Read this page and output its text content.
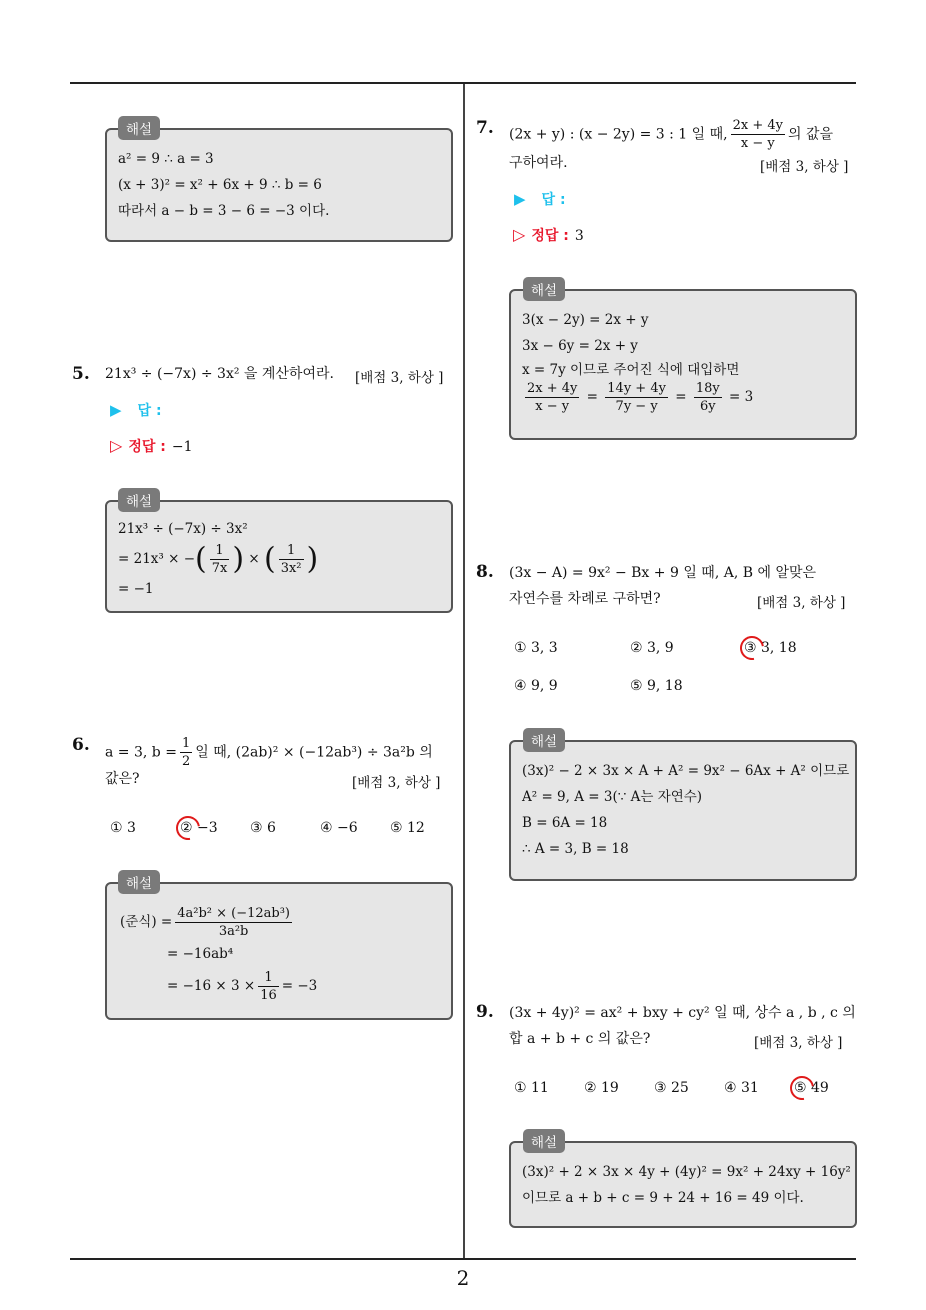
2
해설
a² = 9 ∴ a = 3
(x + 3)² = x² + 6x + 9 ∴ b = 6
따라서 a − b = 3 − 6 = −3 이다.
5. 21x³ ÷ (−7x) ÷ 3x² 을 계산하여라. [배점 3, 하상 ]
▶ 답 :
▷ 정답 : −1
해설
21x³ ÷ (−7x) ÷ 3x²
= 21x³ × −( $\frac{1}{7x}$ ) × ( $\frac{1}{\text{3x²}}$ )
= −1
6. a = 3, $b = \frac{1}{2}$ 일 때, (2ab)² × (−12ab³) ÷ 3a²b 의
값은?	[배점 3, 하상 ]
① 3	② −3 ③ 6	④ −6 ⑤ 12
해설
(준식) = $\frac{\text{4a²b² × (−12ab³)}}{\text{3a²b}}$
= −16ab⁴
= $-16 \times 3 \times \frac{1}{16} = -3$
7. (2x + y) : (x − 2y) = 3 : 1 일 때, $\frac{2x + 4y}{x - y}$ 의 값을
구하여라.	[배점 3, 하상 ]
▶ 답 :
▷ 정답 : 3
해설
3(x − 2y) = 2x + y
3x − 6y = 2x + y
x = 7y 이므로 주어진 식에 대입하면
$\frac{2x + 4y}{x - y} = \frac{14y + 4y}{7y - y} = \frac{18y}{6y} = 3$
8. (3x − A) = 9x² − Bx + 9 일 때, A, B 에 알맞은
자연수를 차례로 구하면?	[배점 3, 하상 ]
① 3, 3	② 3, 9	③ 3, 18
④ 9, 9	⑤ 9, 18
해설
(3x)² − 2 × 3x × A + A² = 9x² − 6Ax + A² 이므로
A² = 9, A = 3(∵ A는 자연수)
B = 6A = 18
∴ A = 3, B = 18
9. (3x + 4y)² = ax² + bxy + cy² 일 때, 상수 a , b , c 의
합 a + b + c 의 값은?	[배점 3, 하상 ]
① 11	② 19	③ 25	④ 31	⑤ 49
해설
(3x)² + 2 × 3x × 4y + (4y)² = 9x² + 24xy + 16y²
이므로 a + b + c = 9 + 24 + 16 = 49 이다.
